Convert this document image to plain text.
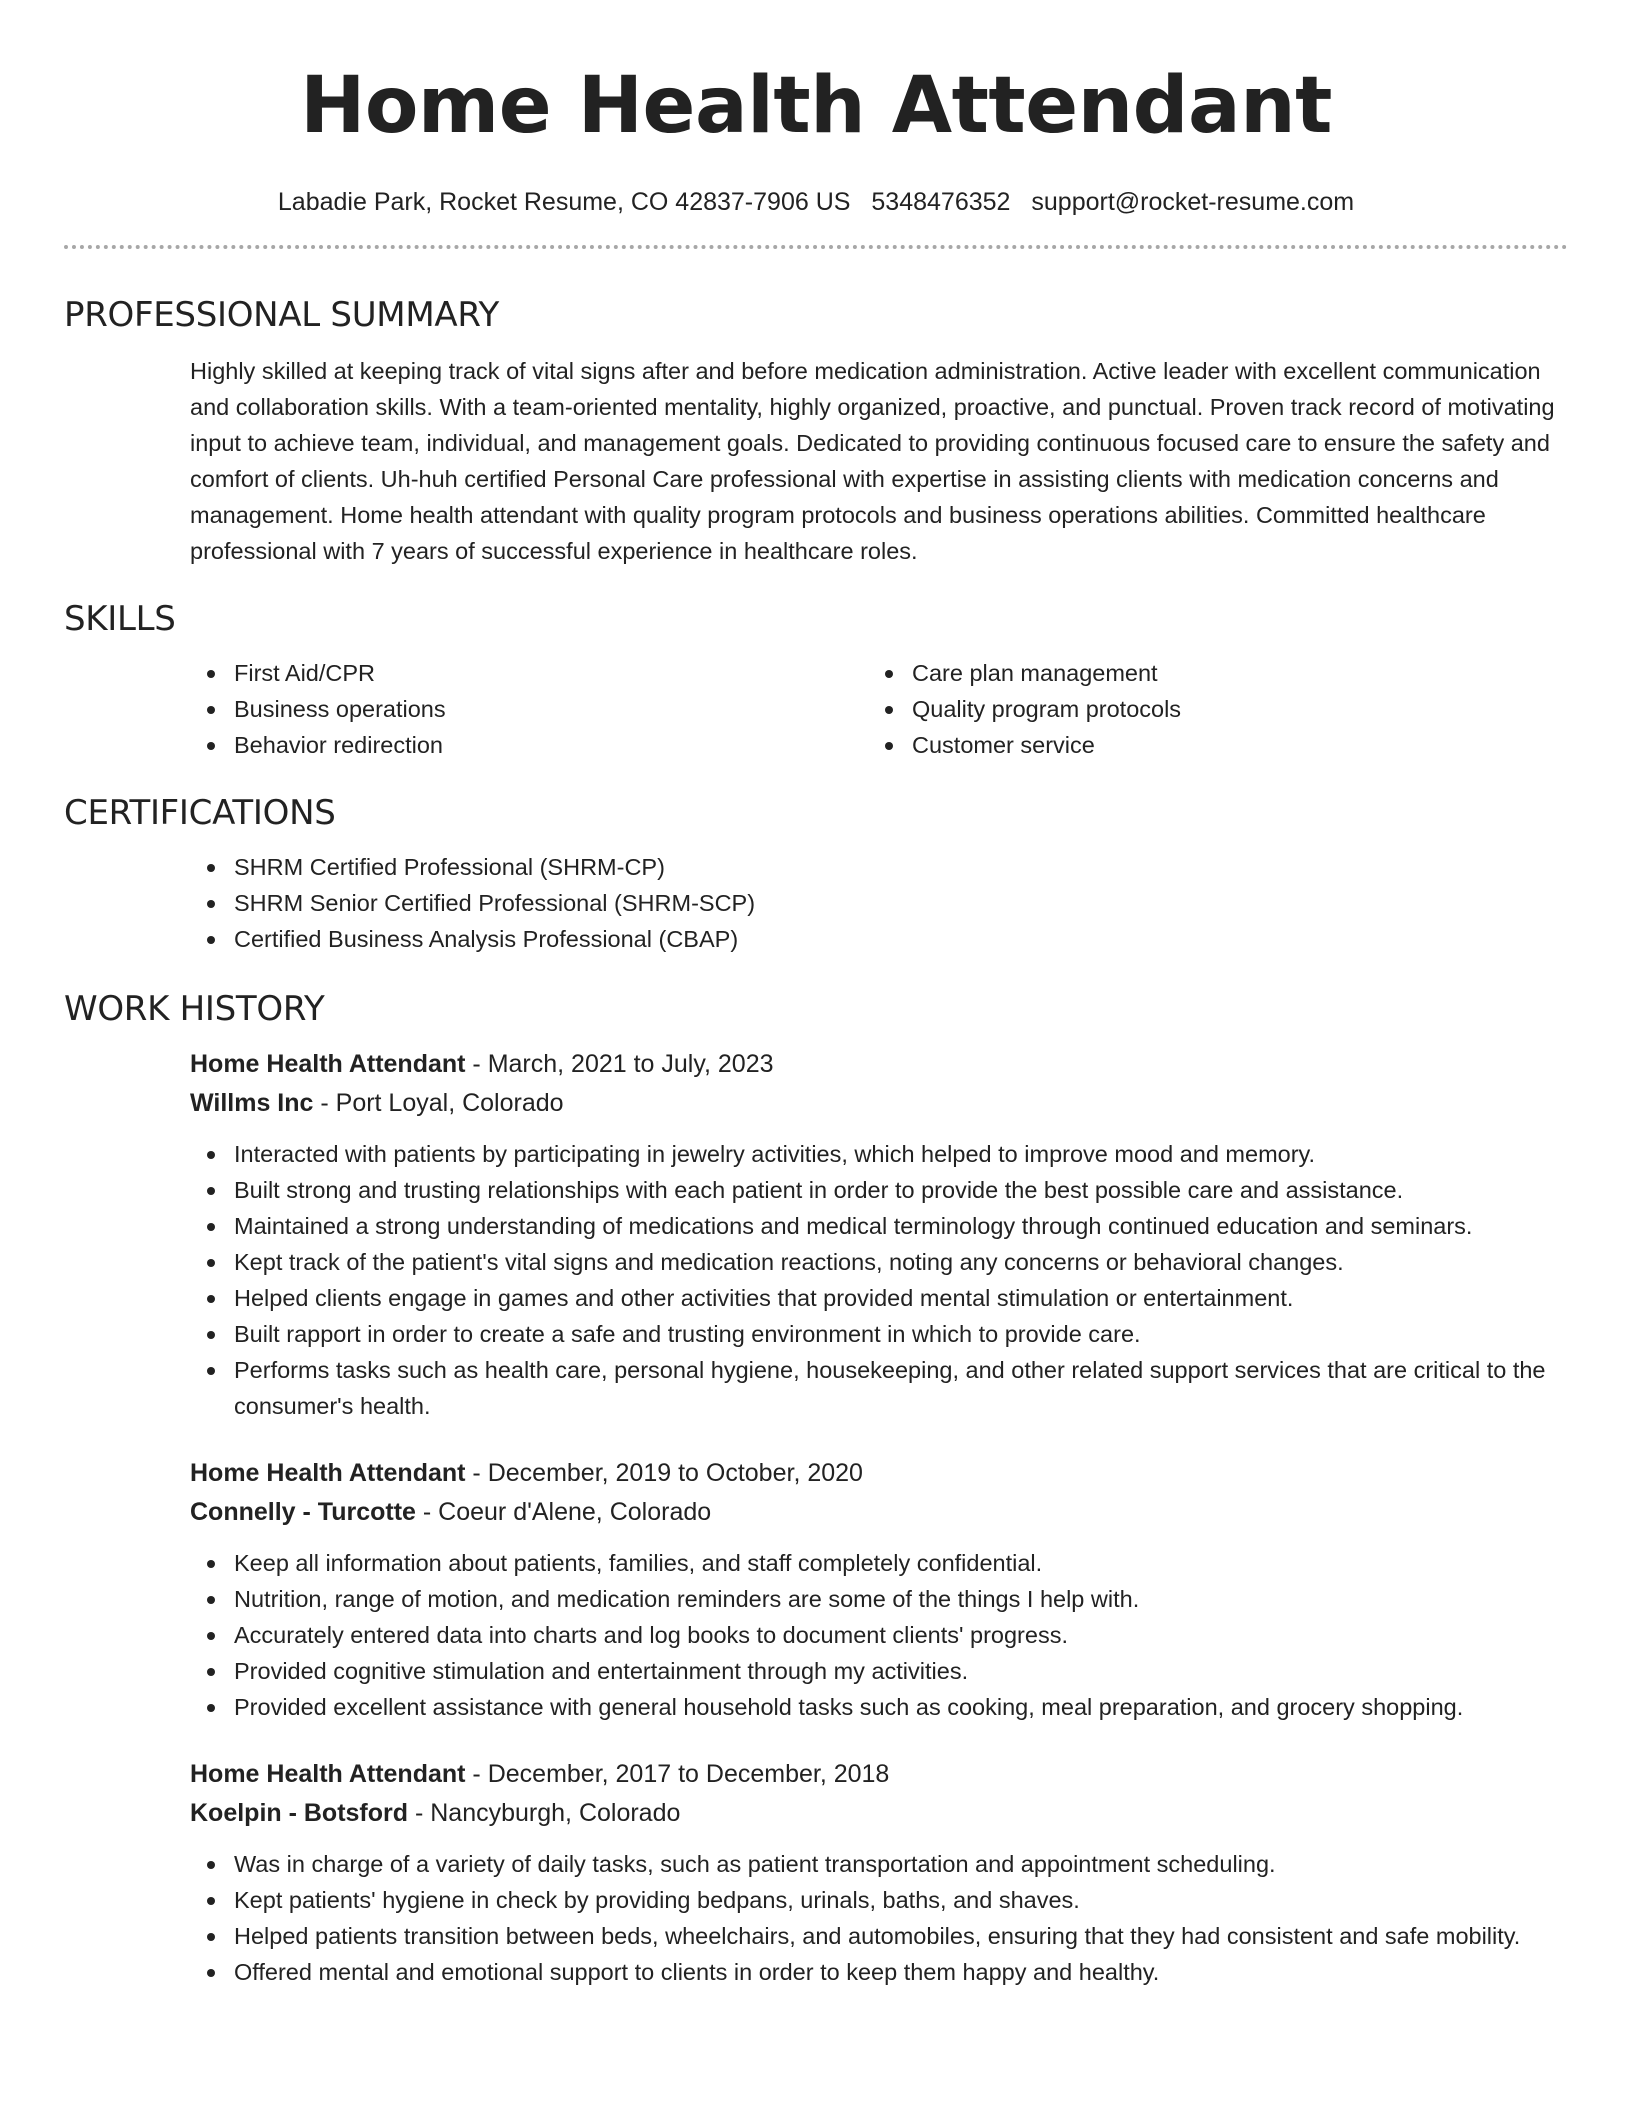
Home Health Attendant
Labadie Park, Rocket Resume, CO 42837-7906 US 5348476352 support@rocket-resume.com
PROFESSIONAL SUMMARY

Highly skilled at keeping track of vital signs after and before medication administration. Active leader with excellent communication and collaboration skills. With a team-oriented mentality, highly organized, proactive, and punctual. Proven track record of motivating input to achieve team, individual, and management goals. Dedicated to providing continuous focused care to ensure the safety and comfort of clients. Uh-huh certified Personal Care professional with expertise in assisting clients with medication concerns and management. Home health attendant with quality program protocols and business operations abilities. Committed healthcare professional with 7 years of successful experience in healthcare roles.

SKILLS
First Aid/CPR
Business operations
Behavior redirection
Care plan management
Quality program protocols
Customer service
CERTIFICATIONS
SHRM Certified Professional (SHRM-CP)
SHRM Senior Certified Professional (SHRM-SCP)
Certified Business Analysis Professional (CBAP)
WORK HISTORY
Home Health Attendant - March, 2021 to July, 2023
Willms Inc - Port Loyal, Colorado
Interacted with patients by participating in jewelry activities, which helped to improve mood and memory.
Built strong and trusting relationships with each patient in order to provide the best possible care and assistance.
Maintained a strong understanding of medications and medical terminology through continued education and seminars.
Kept track of the patient's vital signs and medication reactions, noting any concerns or behavioral changes.
Helped clients engage in games and other activities that provided mental stimulation or entertainment.
Built rapport in order to create a safe and trusting environment in which to provide care.
Performs tasks such as health care, personal hygiene, housekeeping, and other related support services that are critical to the consumer's health.
Home Health Attendant - December, 2019 to October, 2020
Connelly - Turcotte - Coeur d'Alene, Colorado
Keep all information about patients, families, and staff completely confidential.
Nutrition, range of motion, and medication reminders are some of the things I help with.
Accurately entered data into charts and log books to document clients' progress.
Provided cognitive stimulation and entertainment through my activities.
Provided excellent assistance with general household tasks such as cooking, meal preparation, and grocery shopping.
Home Health Attendant - December, 2017 to December, 2018
Koelpin - Botsford - Nancyburgh, Colorado
Was in charge of a variety of daily tasks, such as patient transportation and appointment scheduling.
Kept patients' hygiene in check by providing bedpans, urinals, baths, and shaves.
Helped patients transition between beds, wheelchairs, and automobiles, ensuring that they had consistent and safe mobility.
Offered mental and emotional support to clients in order to keep them happy and healthy.
